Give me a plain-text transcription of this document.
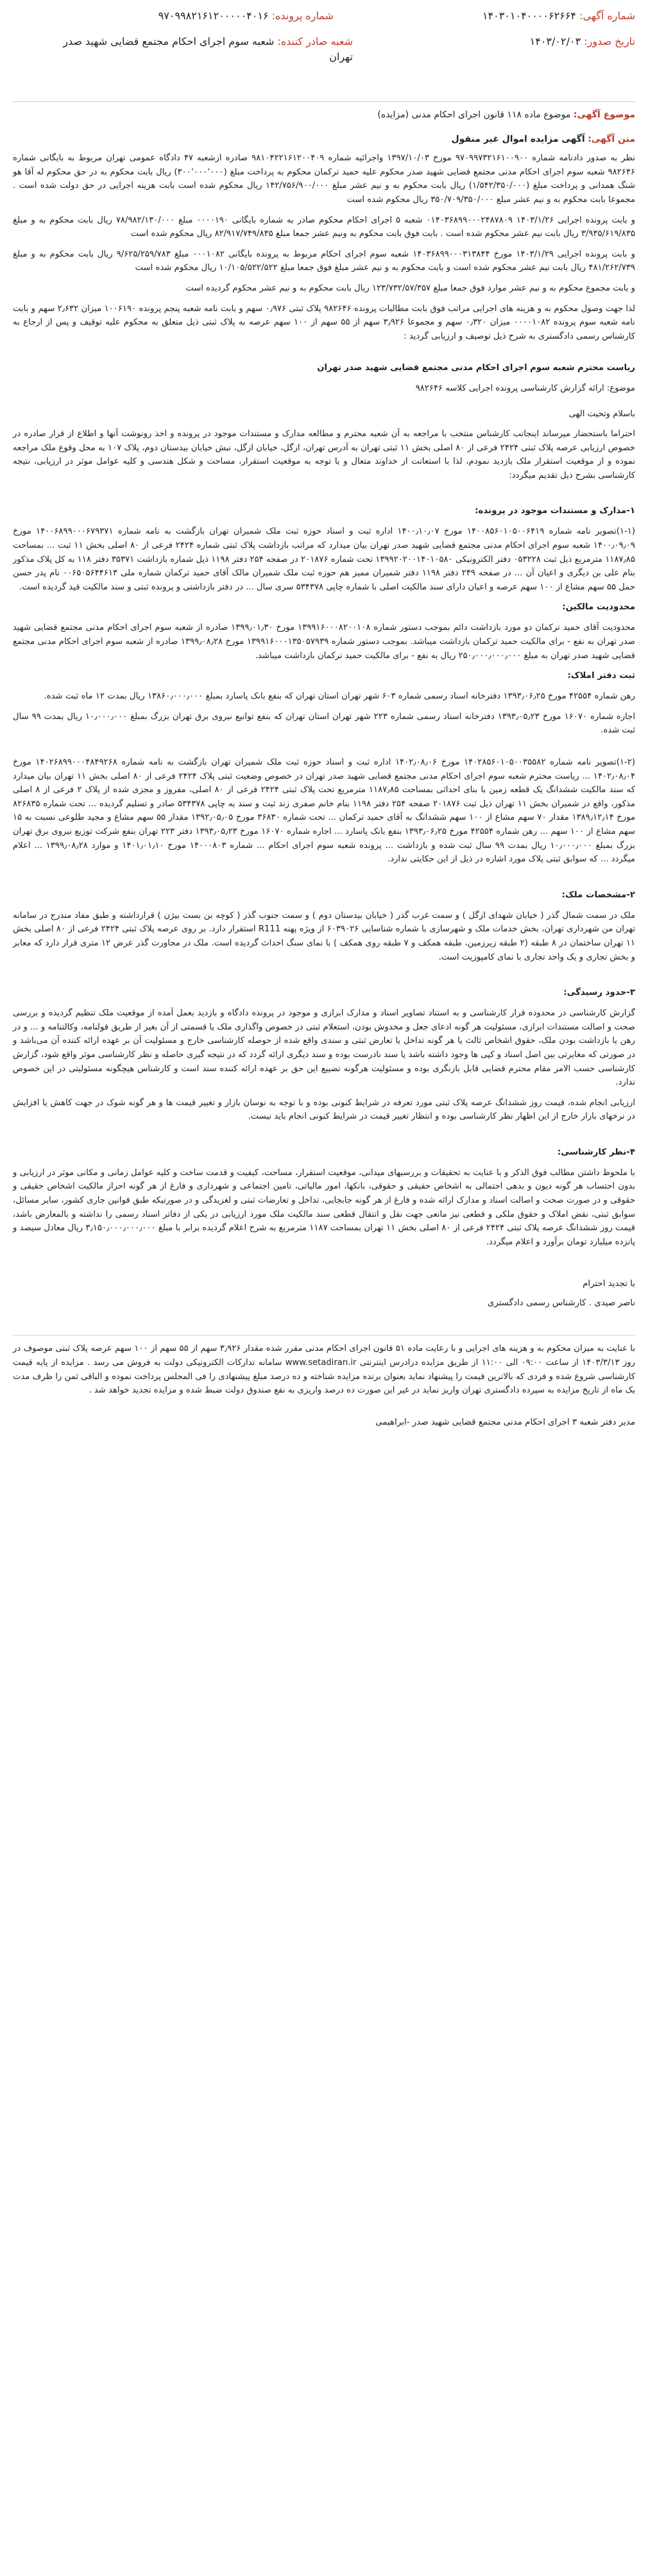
شماره آگهی: ۱۴۰۳۰۱۰۴۰۰۰۰۶۲۶۶۴
شماره پرونده: ۹۷۰۹۹۸۲۱۶۱۲۰۰۰۰۰۴۰۱۶
تاریخ صدور: ۱۴۰۳/۰۲/۰۳
شعبه صادر کننده: شعبه سوم اجرای احکام مجتمع قضایی شهید صدر
تهران

موضوع آگهی: موضوع ماده ۱۱۸ قانون اجرای احکام مدنی (مزایده)

متن آگهی: آگهی مزایده اموال غیر منقول

نظر به صدور دادنامه شماره ۹۷۰۹۹۷۳۲۱۶۱۰۰۹۰۰ مورخ ۱۳۹۷/۱۰/۰۳ واجرائیه شماره ۹۸۱۰۴۲۲۱۶۱۲۰۰۴۰۹ صادره ازشعبه ۴۷ دادگاه عمومی تهران مربوط به بایگانی شماره ۹۸۲۶۴۶ شعبه سوم اجرای احکام مدنی مجتمع قضایی شهید صدر محکوم علیه حمید ترکمان محکوم به پرداخت مبلغ (۳۰۰٬۰۰۰٬۰۰۰) ریال بابت محکوم به در حق محکوم له آقا هو شنگ همدانی و پرداخت مبلغ (۱/۵۴۲/۳۵۰/۰۰۰) ریال بابت محکوم به و نیم عشر مبلغ ۱۴۲/۷۵۶/۹۰۰/۰۰۰ ریال محکوم شده است بابت هزینه اجرایی در حق دولت شده است . مجموعا بابت محکوم به و نیم عشر مبلغ ۳۵۰/۷۰۹/۳۵۰/۰۰۰ ریال محکوم شده است

و بابت پرونده اجرایی ۱۴۰۳/۱/۲۶ ۰۱۴۰۳۶۸۹۹۰۰۰۲۴۸۷۸۰۹ شعبه ۵ اجرای احکام محکوم صادر به شماره بایگانی ۰۰۰۰۱۹۰ مبلغ ۷۸/۹۸۲/۱۳۰/۰۰۰ ریال بابت محکوم به و مبلغ ۳/۹۳۵/۶۱۹/۸۳۵ ریال بابت نیم عشر محکوم شده است . بابت فوق بابت محکوم به ونیم عشر جمعا مبلغ ۸۲/۹۱۷/۷۴۹/۸۳۵ ریال محکوم شده است

و بابت پرونده اجرایی ۱۴۰۳/۱/۲۹ مورخ ۱۴۰۳۶۸۹۹۰۰۰۳۱۳۸۴۴ شعبه سوم اجرای احکام مربوط به پرونده بایگانی ۰۰۰۱۰۸۲ مبلغ ۹/۶۲۵/۲۵۹/۷۸۳ ریال بابت محکوم به و مبلغ ۴۸۱/۲۶۲/۷۳۹ ریال بابت نیم عشر محکوم شده است و بابت محکوم به و نیم عشر مبلغ فوق جمعا مبلغ ۱۰/۱۰۵/۵۲۲/۵۲۲ ریال محکوم شده است

و بابت مجموع محکوم به و نیم عشر موارد فوق جمعا مبلغ ۱۲۳/۷۳۲/۵۷/۳۵۷ ریال بابت محکوم به و نیم عشر محکوم گردیده است

لذا جهت وصول محکوم به و هزینه های اجرایی مراتب فوق بابت مطالبات پرونده ۹۸۲۶۴۶ پلاک ثبتی ۰٫۹۷۶ سهم و بابت نامه شعبه پنجم پرونده ۱۰۰۶۱۹۰ میزان ۲٫۶۳۲ سهم و بابت نامه شعبه سوم پرونده ۰۰۰۰۱۰۸۲ میزان ۰٫۳۲۰ سهم و مجموعا ۳٫۹۲۶ سهم از ۵۵ سهم از ۱۰۰ سهم عرصه به پلاک ثبتی ذیل متعلق به محکوم علیه توقیف و پس از ارجاع به کارشناس رسمی دادگستری به شرح ذیل توصیف و ارزیابی گردید :

ریاست محترم شعبه سوم اجرای احکام مدنی مجتمع قضایی شهید صدر تهران

موضوع: ارائه گزارش کارشناسی پرونده اجرایی کلاسه ۹۸۲۶۴۶

باسلام وتحیت الهی

احتراما باستحضار میرساند اینجانب کارشناس منتخب با مراجعه به آن شعبه محترم و مطالعه مدارک و مستندات موجود در پرونده و اخذ رونوشت آنها و اطلاع از قرار صادره در خصوص ارزیابی عرصه پلاک ثبتی ۲۴۲۴ فرعی از ۸۰ اصلی بخش ۱۱ ثبتی تهران به آدرس تهران، ازگل، خیابان ازگل، نبش خیابان بیدستان دوم، پلاک ۱۰۷ به محل وقوع ملک مراجعه نموده و از موقعیت استقرار ملک بازدید نمودم، لذا با استعانت از خداوند متعال و با توجه به موقعیت استقرار، مساحت و شکل هندسی و کلیه عوامل موثر در ارزیابی، نتیجه کارشناسی بشرح ذیل تقدیم میگردد:

۱-مدارک و مستندات موجود در پرونده:

(۱-۱)تصویر نامه شماره ۱۴۰۰۸۵۶۰۱۰۵۰۰۶۴۱۹ مورخ ۱۴۰۰٫۱۰٫۰۷ اداره ثبت و اسناد حوزه ثبت ملک شمیران تهران بازگشت به نامه شماره ۱۴۰۰۶۸۹۹۰۰۰۶۷۹۳۷۱ مورخ ۱۴۰۰٫۰۹٫۰۹ شعبه سوم اجرای احکام مدنی مجتمع قضایی شهید صدر تهران بیان میدارد که مراتب بازداشت پلاک ثبتی شماره ۲۴۲۴ فرعی از ۸۰ اصلی بخش ۱۱ ثبت ... بمساحت ۱۱۸۷٫۸۵ مترمربع ذیل ثبت ۰۵۳۲۲۸ دفتر الکترونیکی ۱۳۹۹۲۰۲۰۰۱۴۰۱۰۵۸۰ تحت شماره ۲۰۱۸۷۶ در صفحه ۲۵۴ دفتر ۱۱۹۸ ذیل شماره بازداشت ۳۵۳۷۱ دفتر ۱۱۸ به کل پلاک مذکور بنام علی بن دیگری و اعیان آن ... در صفحه ۲۴۹ دفتر ۱۱۹۸ دفتر شمیران ممیز هم حوزه ثبت ملک شمیران مالک آقای حمید ترکمان شماره ملی ۰۰۶۵۰۵۶۴۴۶۱۳ نام پدر حسن حمل ۵۵ سهم مشاع از ۱۰۰ سهم عرصه و اعیان دارای سند مالکیت اصلی با شماره چاپی ۵۳۴۳۷۸ سری سال ... در دفتر بازداشتی و پرونده ثبتی و سند مالکیت قید گردیده است.

محدودیت مالکین:

محدودیت آقای حمید ترکمان دو مورد بازداشت دائم بموجب دستور شماره ۱۳۹۹۱۶۰۰۰۸۲۰۰۱۰۸ مورخ ۱۳۹۹٫۰۱٫۳۰ صادره از شعبه سوم اجرای احکام مدنی مجتمع قضایی شهید صدر تهران به نفع - برای مالکیت حمید ترکمان بازداشت میباشد. بموجب دستور شماره ۱۳۹۹۱۶۰۰۰۱۳۵۰۵۷۹۳۹ مورخ ۱۳۹۹٫۰۸٫۲۸ صادره از شعبه سوم اجرای احکام مدنی مجتمع قضایی شهید صدر تهران به مبلغ ۲۵۰٫۰۰۰٫۰۰۰٫۰۰۰ ریال به نفع - برای مالکیت حمید ترکمان بازداشت میباشد.

ثبت دفتر املاک:

رهن شماره ۴۲۵۵۴ مورخ ۱۳۹۳٫۰۶٫۲۵ دفترخانه اسناد رسمی شماره ۶۰۳ شهر تهران استان تهران که بنفع بانک پاسارد بمبلغ ۱۳۸۶۰٫۰۰۰٫۰۰۰ ریال بمدت ۱۲ ماه ثبت شده.

اجاره شماره ۱۶۰۷۰ مورخ ۱۳۹۳٫۰۵٫۲۳ دفترخانه اسناد رسمی شماره ۲۲۳ شهر تهران استان تهران که بنفع توانیع نیروی برق تهران بزرگ بمبلغ ۱۰٫۰۰۰٫۰۰۰ ریال بمدت ۹۹ سال ثبت شده.

(۱-۲)تصویر نامه شماره ۱۴۰۲۸۵۶۰۱۰۵۰۰۳۵۵۸۲ مورخ ۱۴۰۲٫۰۸٫۰۶ اداره ثبت و اسناد حوزه ثبت ملک شمیران تهران بازگشت به نامه شماره ۱۴۰۲۶۸۹۹۰۰۰۴۸۴۹۲۶۸ مورخ ۱۴۰۲٫۰۸٫۰۴ ... ریاست محترم شعبه سوم اجرای احکام مدنی مجتمع قضایی شهید صدر تهران در خصوص وضعیت ثبتی پلاک ۲۴۲۴ فرعی از ۸۰ اصلی بخش ۱۱ تهران بیان میدارد که سند مالکیت ششدانگ یک قطعه زمین با بنای احداثی بمساحت ۱۱۸۷٫۸۵ مترمربع تحت پلاک ثبتی ۲۴۲۴ فرعی از ۸۰ اصلی، مفروز و مجزی شده از پلاک ۲ فرعی از ۸ اصلی مذکور، واقع در شمیران بخش ۱۱ تهران ذیل ثبت ۲۰۱۸۷۶ صفحه ۲۵۴ دفتر ۱۱۹۸ بنام خانم صفری زند ثبت و سند به چاپی ۵۳۴۳۷۸ صادر و تسلیم گردیده ... تحت شماره ۸۲۶۸۳۵ مورخ ۱۳۸۹٫۱۲٫۱۴ مقدار ۷۰ سهم مشاع از ۱۰۰ سهم ششدانگ به آقای حمید ترکمان ... تحت شماره ۳۶۸۳۰ مورخ ۱۳۹۲٫۰۵٫۰۵ مقدار ۵۵ سهم مشاع و مجید طلوعی نسبت به ۱۵ سهم مشاع از ۱۰۰ سهم ... رهن شماره ۴۲۵۵۴ مورخ ۱۳۹۳٫۰۶٫۲۵ بنفع بانک پاسارد ... اجاره شماره ۱۶۰۷۰ مورخ ۱۳۹۳٫۰۵٫۲۳ دفتر ۲۲۳ تهران بنفع شرکت توزیع نیروی برق تهران بزرگ بمبلغ ۱۰٫۰۰۰٫۰۰۰ ریال بمدت ۹۹ سال ثبت شده و بازداشت ... پرونده شعبه سوم اجرای احکام ... شماره ۱۴۰۰۰۸۰۳ مورخ ۱۴۰۱٫۰۱٫۱۰ و موارد ۱۳۹۹٫۰۸٫۲۸ ... اعلام میگردد ... که سوابق ثبتی پلاک مورد اشاره در ذیل از این حکایتی ندارد.

۲-مشخصات ملک:

ملک در سمت شمال گذر ( خیابان شهدای ازگل ) و سمت غرب گذر ( خیابان بیدستان دوم ) و سمت جنوب گذر ( کوچه بن بست بیژن ) قرارداشته و طبق مفاد مندرج در سامانه تهران من شهرداری تهران، بخش خدمات ملک و شهرسازی با شماره شناسایی ۶۰۳۹۰۲۶ از ویژه پهنه R111 استقرار دارد. بر روی عرصه پلاک ثبتی ۲۴۲۴ فرعی از ۸۰ اصلی بخش ۱۱ تهران ساختمان در ۸ طبقه (۲ طبقه زیرزمین، طبقه همکف و ۷ طبقه روی همکف ) با نمای سنگ احداث گردیده است. ملک در مجاورت گذر عرض ۱۲ متری قرار دارد که معابر و بخش تجاری و یک واحد تجاری با نمای کامپوزیت است.

۳-حدود رسیدگی:

گزارش کارشناسی در محدوده قرار کارشناسی و به استناد تصاویر اسناد و مدارک ابرازی و موجود در پرونده دادگاه و بازدید بعمل آمده از موقعیت ملک تنظیم گردیده و بررسی صحت و اصالت مستندات ابرازی، مسئولیت هر گونه ادعای جعل و مخدوش بودن، استعلام ثبتی در خصوص واگذاری ملک یا قسمتی از آن بغیر از طریق قولنامه، وکالتنامه و ... و در رهن یا بازداشت بودن ملک، حقوق اشخاص ثالث یا هر گونه تداخل یا تعارض ثبتی و سندی واقع شده از حوصله کارشناسی خارج و مسئولیت آن بر عهده ارائه کننده آن می‌باشد و در صورتی که مغایرتی بین اصل اسناد و کپی ها وجود داشته باشد یا سند نادرست بوده و سند دیگری ارائه گردد که در نتیجه گیری حاصله و نظر کارشناسی موثر واقع شود، گزارش کارشناسی حسب الامر مقام محترم قضایی قابل بازنگری بوده و مسئولیت هرگونه تضییع این حق بر عهده ارائه کننده سند است و کارشناس هیچگونه مسئولیتی در این خصوص ندارد.

ارزیابی انجام شده، قیمت روز ششدانگ عرصه پلاک ثبتی مورد تعرفه در شرایط کنونی بوده و با توجه به نوسان بازار و تغییر قیمت ها و هر گونه شوک در جهت کاهش یا افزایش در نرخهای بازار خارج از این اظهار نظر کارشناسی بوده و انتظار تغییر قیمت در شرایط کنونی انجام باید نیست.

۴-نظر کارشناسی:

با ملحوظ داشتن مطالب فوق الذکر و با عنایت به تحقیقات و بررسیهای میدانی، موقعیت استقرار، مساحت، کیفیت و قدمت ساخت و کلیه عوامل زمانی و مکانی موثر در ارزیابی و بدون احتساب هر گونه دیون و بدهی احتمالی به اشخاص حقیقی و حقوقی، بانکها، امور مالیاتی، تامین اجتماعی و شهرداری و فارغ از هر گونه احراز مالکیت اشخاص حقیقی و حقوقی و در صورت صحت و اصالت اسناد و مدارک ارائه شده و فارغ از هر گونه جابجایی، تداخل و تعارضات ثبتی و لغزیدگی و در صورتیکه طبق قوانین جاری کشور، سایر مسائل، سوابق ثبتی، نقض املاک و حقوق ملکی و قطعی نیز مانعی جهت نقل و انتقال قطعی سند مالکیت ملک مورد ارزیابی در یکی از دفاتر اسناد رسمی را نداشته و بالمعارض باشد، قیمت روز ششدانگ عرصه پلاک ثبتی ۲۴۲۴ فرعی از ۸۰ اصلی بخش ۱۱ تهران بمساحت ۱۱۸۷ مترمربع به شرح اعلام گردیده برابر با مبلغ ۳٫۱۵۰٫۰۰۰٫۰۰۰٫۰۰۰ ریال معادل سیصد و پانزده میلیارد تومان برآورد و اعلام میگردد.

با تجدید احترام

ناصر صیدی . کارشناس رسمی دادگستری

با عنایت به میزان محکوم به و هزینه های اجرایی و با رعایت ماده ۵۱ قانون اجرای احکام مدنی مقرر شده مقدار ۳٫۹۲۶ سهم از ۵۵ سهم از ۱۰۰ سهم عرصه پلاک ثبتی موصوف در روز ۱۴۰۳/۳/۱۳ از ساعت ۰۹:۰۰ الی ۱۱:۰۰ از طریق مزایده درادرس اینترنتی www.setadiran.ir سامانه تدارکات الکترونیکی دولت به فروش می رسد . مزایده از پایه قیمت کارشناسی شروع شده و فردی که بالاترین قیمت را پیشنهاد نماید بعنوان برنده مزایده شناخته و ده درصد مبلغ پیشنهادی را فی المجلس پرداخت نموده و الباقی ثمن را ظرف مدت یک ماه از تاریخ مزایده به سپرده دادگستری تهران واریز نماید در غیر این صورت ده درصد واریزی به نفع صندوق دولت ضبط شده و مزایده تجدید خواهد شد .

مدیر دفتر شعبه ۳ اجرای احکام مدنی مجتمع قضایی شهید صدر -ابراهیمی
